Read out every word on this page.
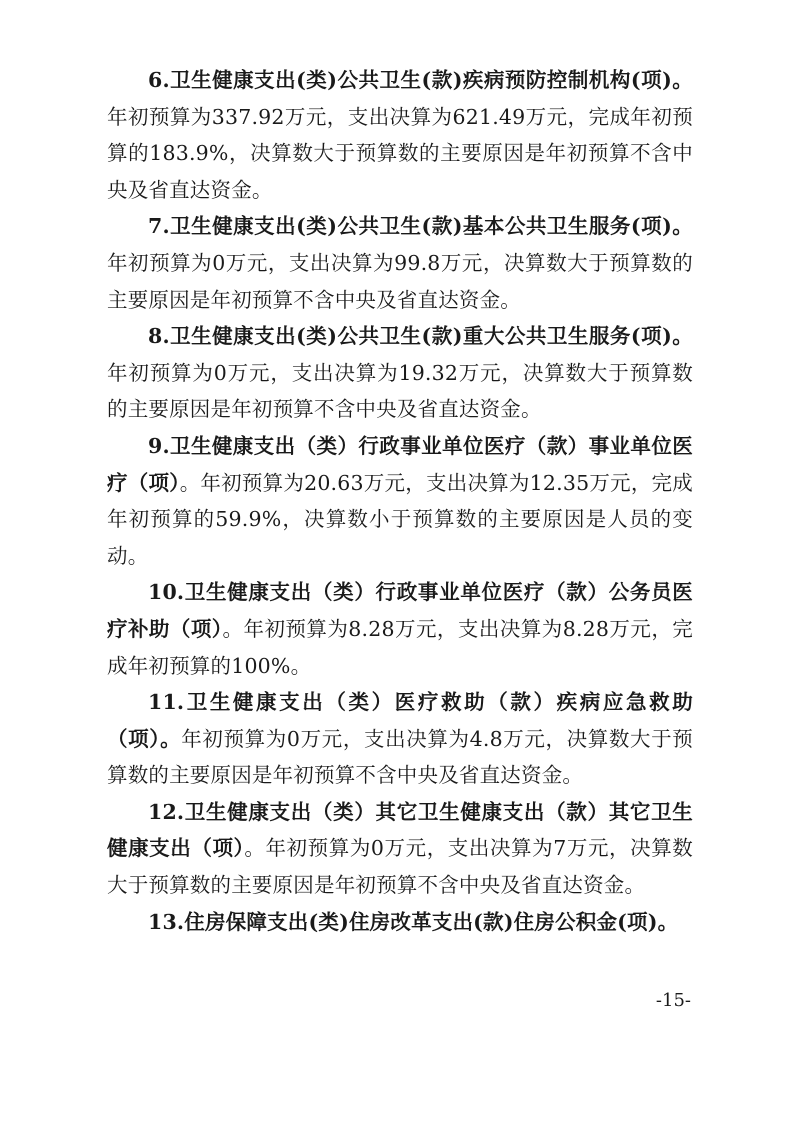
6.卫生健康支出(类)公共卫生(款)疾病预防控制机构(项)。年初预算为337.92万元，支出决算为621.49万元，完成年初预算的183.9%，决算数大于预算数的主要原因是年初预算不含中央及省直达资金。

7.卫生健康支出(类)公共卫生(款)基本公共卫生服务(项)。年初预算为0万元，支出决算为99.8万元，决算数大于预算数的主要原因是年初预算不含中央及省直达资金。

8.卫生健康支出(类)公共卫生(款)重大公共卫生服务(项)。年初预算为0万元，支出决算为19.32万元，决算数大于预算数的主要原因是年初预算不含中央及省直达资金。

9.卫生健康支出（类）行政事业单位医疗（款）事业单位医疗（项）。年初预算为20.63万元，支出决算为12.35万元，完成年初预算的59.9%，决算数小于预算数的主要原因是人员的变动。

10.卫生健康支出（类）行政事业单位医疗（款）公务员医疗补助（项）。年初预算为8.28万元，支出决算为8.28万元，完成年初预算的100%。

11.卫生健康支出（类）医疗救助（款）疾病应急救助（项）。年初预算为0万元，支出决算为4.8万元，决算数大于预算数的主要原因是年初预算不含中央及省直达资金。

12.卫生健康支出（类）其它卫生健康支出（款）其它卫生健康支出（项）。年初预算为0万元，支出决算为7万元，决算数大于预算数的主要原因是年初预算不含中央及省直达资金。

13.住房保障支出(类)住房改革支出(款)住房公积金(项)。

-15-
